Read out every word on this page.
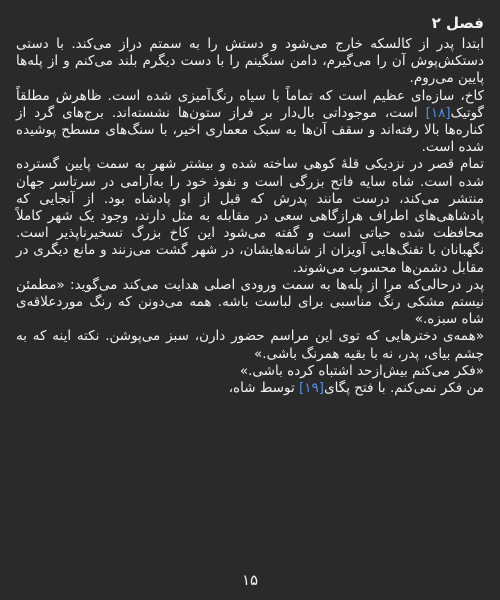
فصل ۲

ابتدا پدر از کالسکه خارج می‌شود و دستش را به سمتم دراز می‌کند. با دستی دستکش‌پوش آن را می‌گیرم، دامن سنگینم را با دست دیگرم بلند می‌کنم و از پله‌ها پایین می‌روم.

کاخ، سازه‌ای عظیم است که تماماً با سیاه رنگ‌آمیزی شده است. ظاهرش مطلقاً گوتیک[۱۸] است، موجوداتی بال‌دار بر فراز ستون‌ها نشسته‌اند. برج‌های گرد از کناره‌ها بالا رفته‌اند و سقف آن‌ها به سبک معماری اخیر، با سنگ‌های مسطح پوشیده شده است.

تمام قصر در نزدیکی قلهٔ کوهی ساخته شده و بیشتر شهر به سمت پایین گسترده شده است. شاه سایه فاتح بزرگی است و نفوذ خود را به‌آرامی در سرتاسر جهان منتشر می‌کند، درست مانند پدرش که قبل از او پادشاه بود. از آنجایی که پادشاهی‌های اطراف هرازگاهی سعی در مقابله به مثل دارند، وجود یک شهر کاملاً محافظت شده حیاتی است و گفته می‌شود این کاخ بزرگ تسخیرناپذیر است. نگهبانان با تفنگ‌هایی آویزان از شانه‌هایشان، در شهر گشت می‌زنند و مانع دیگری در مقابل دشمن‌ها محسوب می‌شوند.

پدر درحالی‌که مرا از پله‌ها به سمت ورودی اصلی هدایت می‌کند می‌گوید: «مطمئن نیستم مشکی رنگ مناسبی برای لباست باشه. همه می‌دونن که رنگ موردعلاقه‌ی شاه سبزه.»

«همه‌ی دخترهایی که توی این مراسم حضور دارن، سبز می‌پوشن. نکته اینه که به چشم بیای، پدر، نه با بقیه همرنگ باشی.»

«فکر می‌کنم بیش‌ازحد اشتباه کرده باشی.»

من فکر نمی‌کنم. با فتح پگای[۱۹] توسط شاه،

۱۵
